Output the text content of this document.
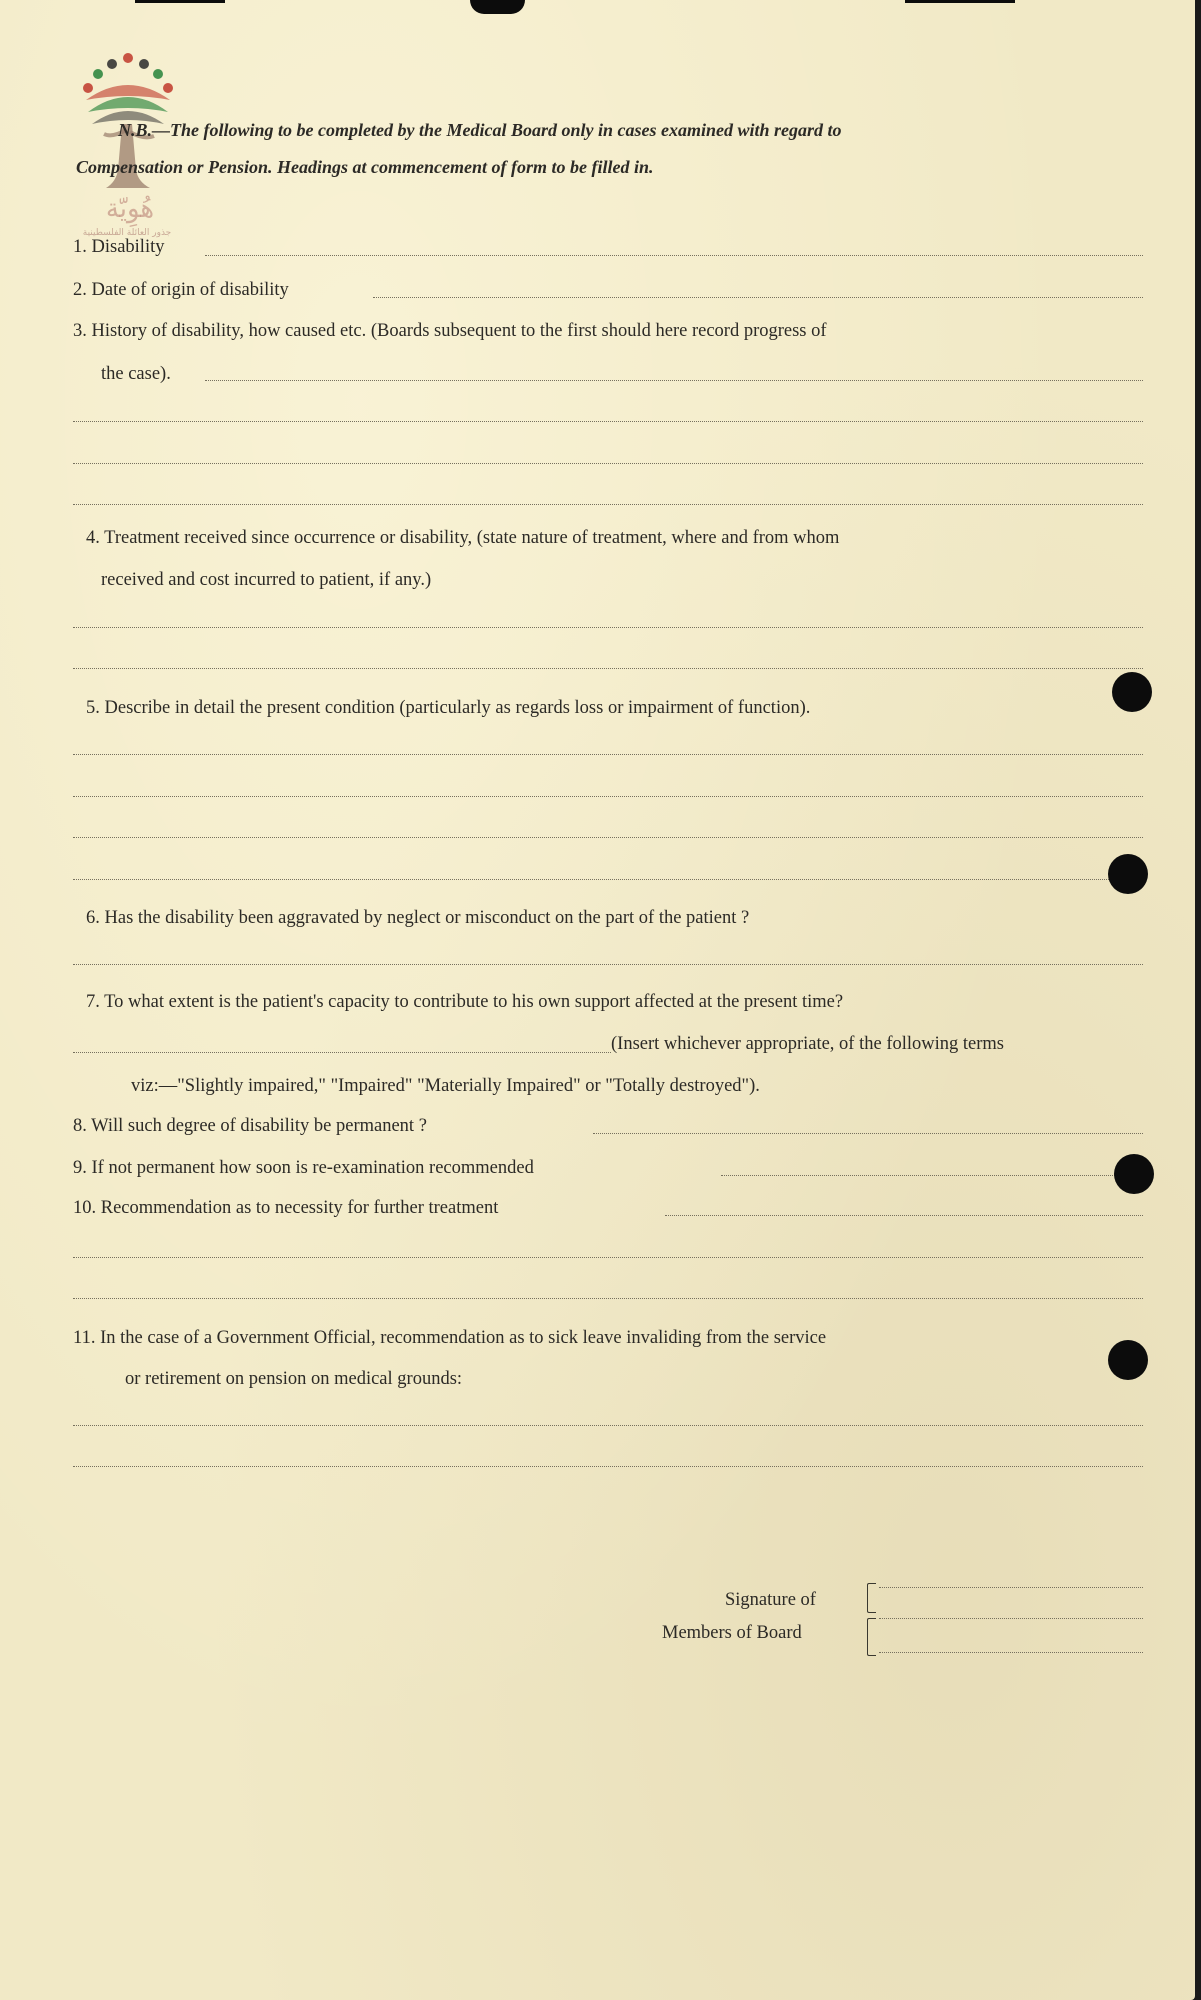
هُوِيّة
جذور العائلة الفلسطينية
N.B.—The following to be completed by the Medical Board only in cases examined with regard to
Compensation or Pension. Headings at commencement of form to be filled in.
1. Disability
2. Date of origin of disability
3. History of disability, how caused etc. (Boards subsequent to the first should here record progress of
the case).
4. Treatment received since occurrence or disability, (state nature of treatment, where and from whom
received and cost incurred to patient, if any.)
5. Describe in detail the present condition (particularly as regards loss or impairment of function).
6. Has the disability been aggravated by neglect or misconduct on the part of the patient ?
7. To what extent is the patient's capacity to contribute to his own support affected at the present time?
(Insert whichever appropriate, of the following terms
viz:—"Slightly impaired," "Impaired" "Materially Impaired" or "Totally destroyed").
8. Will such degree of disability be permanent ?
9. If not permanent how soon is re-examination recommended
10. Recommendation as to necessity for further treatment
11. In the case of a Government Official, recommendation as to sick leave invaliding from the service
or retirement on pension on medical grounds:
Signature of
Members of Board
